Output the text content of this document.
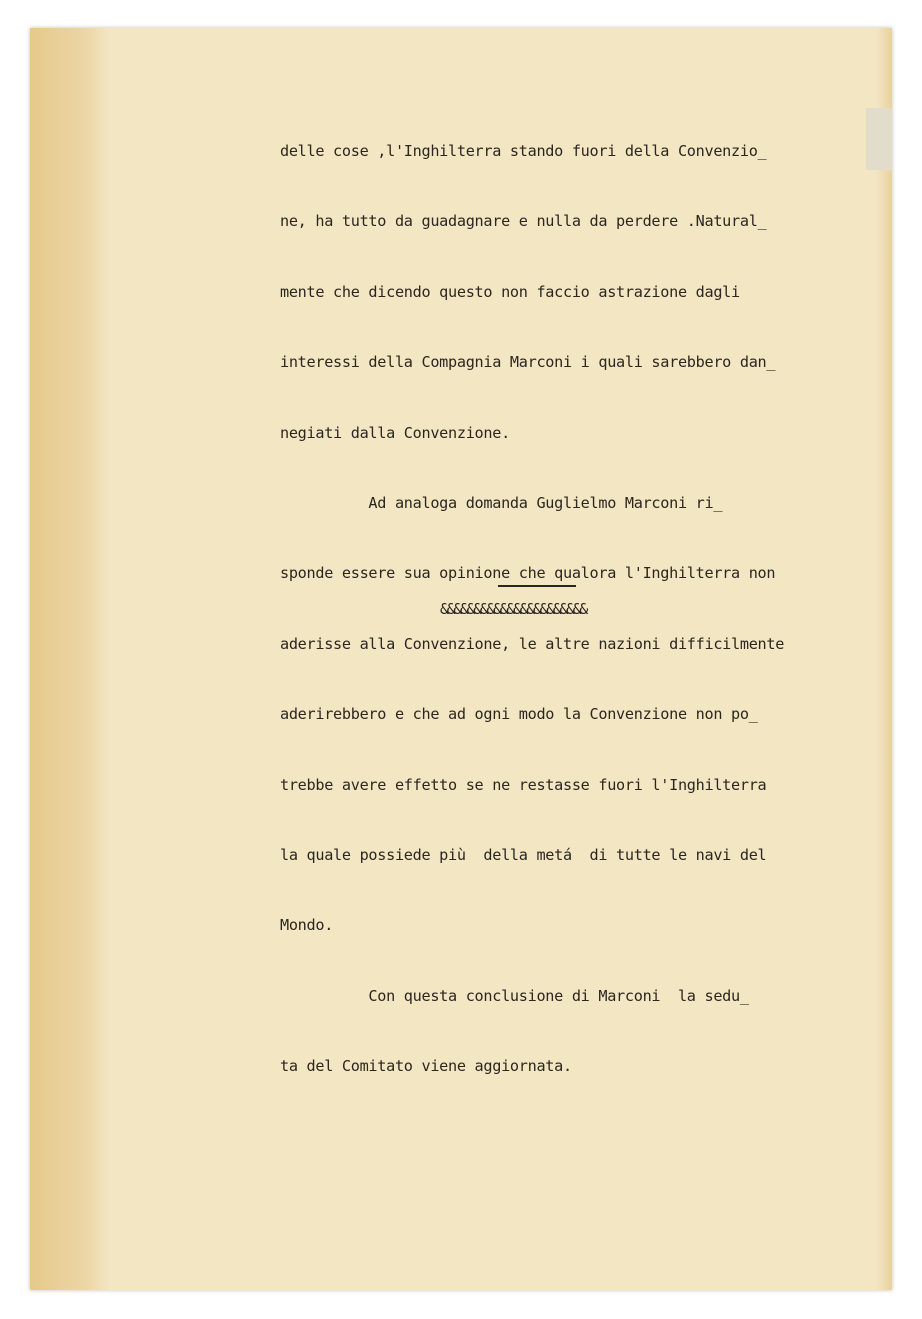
delle cose ,l'Inghilterra stando fuori della Convenzio_

ne, ha tutto da guadagnare e nulla da perdere .Natural_

mente che dicendo questo non faccio astrazione dagli

interessi della Compagnia Marconi i quali sarebbero dan_

negiati dalla Convenzione.

Ad analoga domanda Guglielmo Marconi ri_

sponde essere sua opinione che qualora l'Inghilterra non

aderisse alla Convenzione, le altre nazioni difficilmente

aderirebbero e che ad ogni modo la Convenzione non po_

trebbe avere effetto se ne restasse fuori l'Inghilterra

la quale possiede più  della metá  di tutte le navi del

Mondo.

Con questa conclusione di Marconi  la sedu_

ta del Comitato viene aggiornata.

&&&&&&&&&&&&&&&&&&&&&&
